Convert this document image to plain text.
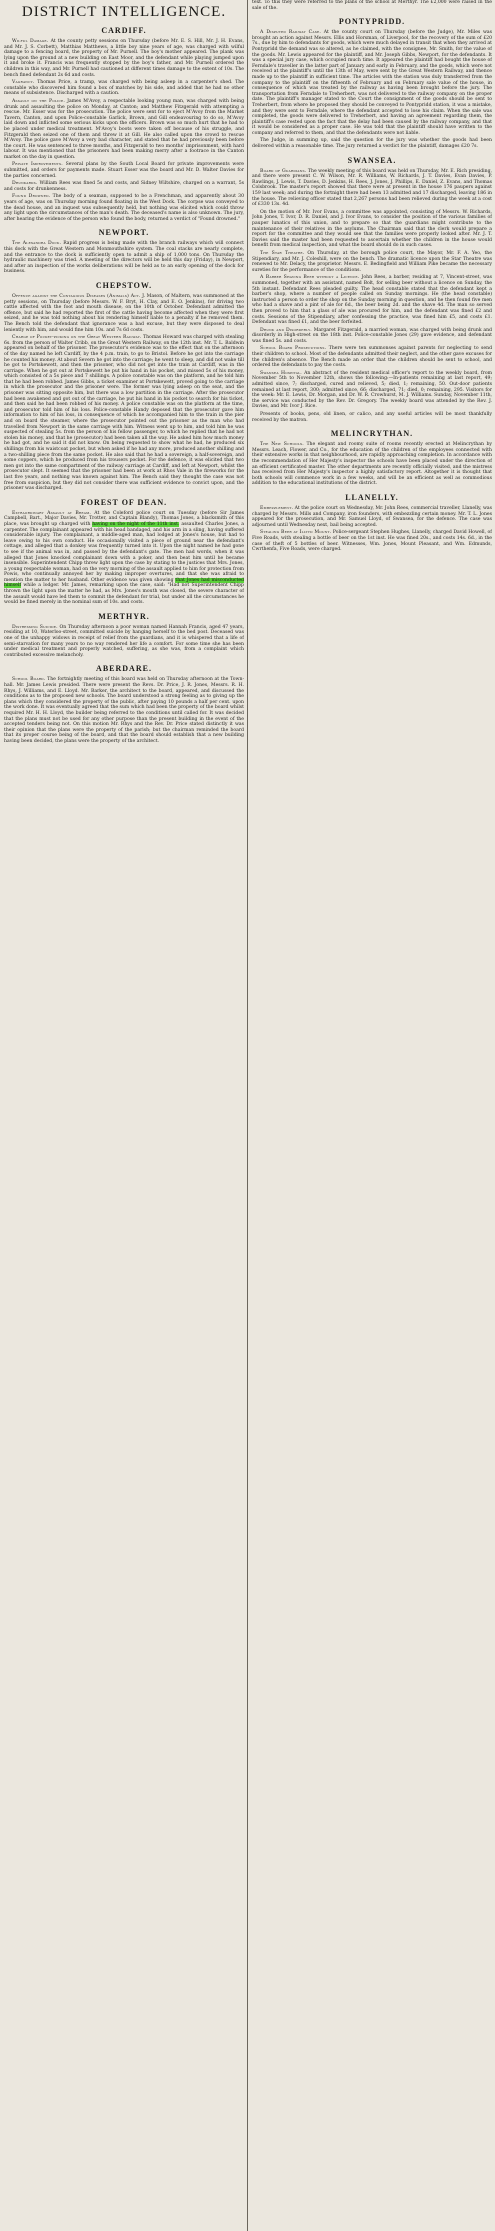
DISTRICT INTELLIGENCE.
CARDIFF.

Wilful Damage. At the county petty sessions on Thursday (before Mr. E. S. Hill, Mr. J. H. Evans, and Mr. J. S. Corbett), Matthias Matthews, a little boy nine years of age, was charged with wilful damage to a fencing board, the property of Mr. Purnell. The boy's mother appeared. The plank was lying upon the ground at a new building on East Moor, and the defendant while playing jumped upon it and broke it. Francis was frequently stopped by the boy's father, and Mr. Purnell ordered the children in this way, and Mr. Purnell had cautioned at different times damage to the extent of 10s. The bench fined defendant 2s 6d and costs.

Vagrancy. Thomas Price, a tramp, was charged with being asleep in a carpenter's shed. The constable who discovered him found a box of matches by his side, and added that he had no other means of subsistence. Discharged with a caution.

Assault on the Police. James M'Avoy, a respectable looking young man, was charged with being drunk and assaulting the police on Monday, at Canton; and Matthew Fitzgerald with attempting a rescue. Mr. Esser was for the prosecution. The police were sent for to eject M'Avoy from the Market Tavern, Canton, and upon Police-constable Garlick, Brown, and Gill endeavouring to do so, M'Avoy laid down and inflicted some serious kicks upon the officers. Brown was so much hurt that he had to be placed under medical treatment. M'Avoy's boots were taken off because of his struggle, and Fitzgerald then seized one of them and threw it at Gill. He also called upon the crowd to rescue M'Avoy. The police gave M'Avoy a very bad character, and stated that he had previously been before the court. He was sentenced to three months, and Fitzgerald to two months' imprisonment, with hard labour. It was mentioned that the prisoners had been making merry after a footrace in the Canton market on the day in question.

Private Improvements. Several plans by the South Local Board for private improvements were submitted, and orders for payments made. Stuart Esser was the board and Mr. D. Walter Davies for the parties concerned.

Drunkards. William Rees was fined 5s and costs, and Sidney Wiltshire, charged on a warrant, 5s and costs for drunkenness.

Found Drowned. The body of a seaman, supposed to be a Frenchman, and apparently about 30 years of age, was on Thursday morning found floating in the West Dock. The corpse was conveyed to the dead house, and an inquest was subsequently held, but nothing was elicited which could throw any light upon the circumstances of the man's death. The deceased's name is also unknown. The jury, after hearing the evidence of the person who found the body, returned a verdict of "Found drowned."

NEWPORT.

The Alexandra Dock. Rapid progress is being made with the branch railways which will connect this dock with the Great Western and Monmouthshire system. The coal stacks are nearly complete, and the entrance to the dock is sufficiently open to admit a ship of 1,000 tons. On Thursday the hydraulic machinery was tried. A meeting of the directors will be held this day (Friday), in Newport, and after an inspection of the works deliberations will be held as to an early opening of the dock for business.

CHEPSTOW.

Offence against the Contagious Diseases (Animals) Act. J. Mason, of Maltern, was summoned at the petty sessions, on Thursday (before Messrs. W. F. Bryt, H. Clay, and E. O. Jenkins), for driving two cattle affected with the foot and mouth disease, on the 10th of October. Defendant admitted the offence, but said he had reported the first of the cattle having become affected when they were first seized, and he was told nothing about his rendering himself liable to a penalty if he removed them. The Bench told the defendant that ignorance was a bad excuse, but they were disposed to deal leniently with him, and would fine him 10s. and 7s 6d costs.

Charge of Pocket-picking on the Great Western Railway. Thomas Howard was charged with stealing 6s. from the person of Walter Cribb, on the Great Western Railway, on the 12th inst. Mr. T. L. Baldwin appeared on behalf of the prisoner. The prosecutor's evidence was to the effect that on the afternoon of the day named he left Cardiff, by the 4 p.m. train, to go to Bristol. Before he got into the carriage he counted his money. At about Severn he got into the carriage; he went to sleep, and did not wake till he got to Portskewett, and then the prisoner, who did not get into the train at Cardiff, was in the carriage. When he got out at Portskewett he put his hand in his pocket, and missed 5s of his money, which consisted of a 5s piece and 7 shillings. A police constable was on the platform, and he told him that he had been robbed. James Gibbs, a ticket examiner at Portskewett, proved going to the carriage in which the prosecutor and the prisoner were. The former was lying asleep on the seat, and the prisoner was sitting opposite him, but there was a low partition in the carriage. After the prosecutor had been awakened and got out of the carriage, he put his hand in his pocket to search for his ticket, and then said he had been robbed of his money. A police constable was on the platform at the time, and prosecutor told him of his loss. Police-constable Handy deposed that the prosecutor gave him information to him of his loss, in consequence of which he accompanied him to the train in the pier and on board the steamer, where the prosecutor pointed out the prisoner as the man who had travelled from Newport in the same carriage with him. Witness went up to him, and told him he was suspected of stealing 5s. from the person of his fellow passenger, to which he replied that he had not stolen his money, and that he (prosecutor) had been taken all the way. He asked him how much money he had got, and he said it did not know. On being requested to show what he had, he produced six shillings from his waistcoat pocket, but when asked if he had any more, produced another shilling and a two-shilling piece from the same pocket. He also said that he had a sovereign, a half-sovereign, and some coppers, which he produced from his trousers pocket. For the defence, it was elicited that two men got into the same compartment of the railway carriage at Cardiff, and left at Newport, whilst the prosecutor slept. It seemed that the prisoner had been at work at Rhos Vale in the fireworks for the last five years, and nothing was known against him. The Bench said they thought the case was not free from suspicion, but they did not consider there was sufficient evidence to convict upon, and the prisoner was discharged.

FOREST OF DEAN.

Extraordinary Assault at Bream. At the Coleford police court on Tuesday (before Sir James Campbell, Bart., Major Davies, Mr. Trotter, and Captain Blandy), Thomas Jones, a blacksmith of this place, was brought up charged with having on the night of the 11th inst. assaulted Charles Jones, a carpenter. The complainant appeared with his head bandaged, and his arm in a sling, having suffered considerable injury. The complainant, a middle-aged man, had lodged at Jones's house, but had to leave owing to his own conduct. He occasionally visited a piece of ground near the defendant's cottage, and alleged that a donkey was frequently turned into it. Upon the night named he had gone to see if the animal was in, and passed by the defendant's gate. The men had words, when it was alleged that Jones knocked complainant down with a poker, and then beat him until he became insensible. Superintendent Chipp threw light upon the case by stating to the justices that Mrs. Jones, a young respectable woman, had on the very morning of the assault applied to him for protection from Powis, who continually annoyed her by making improper overtures, and that she was afraid to mention the matter to her husband. Other evidence was given showing that Jones had misconducted himself while a lodger. Mr. James, remarking upon the case, said: "Had not Superintendent Chipp thrown the light upon the matter he had, as Mrs. Jones's mouth was closed, the severe character of the assault would have led them to commit the defendant for trial, but under all the circumstances he would be fined merely in the nominal sum of 10s. and costs.

MERTHYR.

Distressing Suicide. On Thursday afternoon a poor woman named Hannah Francis, aged 47 years, residing at 10, Waterloo-street, committed suicide by hanging herself to the bed post. Deceased was one of the unhappy widows in receipt of relief from the guardians, and it is whispered that a life of semi-starvation for many years to no way rendered her life a comfort. For some time she has been under medical treatment and properly watched, suffering, as she was, from a complaint which contributed excessive melancholy.

ABERDARE.

School Board. The fortnightly meeting of this board was held on Thursday afternoon at the Town-hall. Mr. James Lewis presided. There were present the Revs. Dr. Price, J. R. Jones, Messrs. R. H. Rhys, J. Williams, and E. Lloyd. Mr. Barker, the architect to the board, appeared, and discussed the conditions as to the proposed new schools. The board understood a strong feeling as to giving up the plans which they considered the property of the public, after paying 10 pounds a half per cent. upon the work done. It was eventually agreed that the sum which had been the property of the board whilst required Mr. H. H. Lloyd, the builder being referred to the conditions until called for. It was decided that the plans must not be used for any other purpose than the present building in the event of the accepted tenders being not. On this motion Mr. Rhys and the Rev. Dr. Price stated distinctly it was their opinion that the plans were the property of the parish; but the chairman reminded the board that its proper course being of the board, and that the board should establish that a new building having been decided, the plans were the property of the architect.

text. To this they were referred to the plans of the school at Merthyr. The £2,000 were raised in the sale of the.

PONTYPRIDD.

A Disputed Railway Case. At the county court on Thursday (before the Judge), Mr. Miles was brought an action against Messrs. Ellis and Horsman, of Liverpool, for the recovery of the sum of £20 7s., due by him to defendants for goods, which were much delayed in transit that when they arrived at Pontypridd the demand was so altered, as he claimed, with the consignee, Mr. Smith, for the value of the goods. Mr. Lewis appeared for the plaintiff, and Mr. Joseph Gibbs, Newport, for the defendants. It was a special jury case, which occupied much time. It appeared the plaintiff had bought the house of Ferndale's traveller in the latter part of January and early in February, and the goods, which were not received at the plaintiff's until the 13th of May, were sent by the Great Western Railway, and thence made up to the plaintiff in sufficient time. The articles with the station was duly transferred from the company to the plaintiff on the fifteenth of February and on February sale value of the house, in consequence of which was treated by the railway as having been brought before the jury. The transportation from Ferndale to Treherbert, was not delivered to the railway company on the proper date. The plaintiff's manager stated to the Court the consignment of the goods should be sent to Treherbert, from where he proposed they should be conveyed to Pontypridd station, it was a mistake, and they were sent to Ferndale, where the defendant accepted to lose his claim. When the sale was completed, the goods were delivered to Treherbert, and having an agreement regarding them, the plaintiff's case rested upon the fact that the delay had been caused by the railway company, and that it would be considered as a proper case. He was told that the plaintiff should have written to the company and referred to them, and that the defendants were not liable.

The Judge, in summing up, said the question for the jury was whether the goods had been delivered within a reasonable time. The jury returned a verdict for the plaintiff, damages £20 7s.

SWANSEA.

Board of Guardians. The weekly meeting of this board was held on Thursday, Mr. E. Rich presiding, and there were present C. W. Wilson, Mr. R. Williams, W. Richards, J. T. Davies, Evan Davies, P. Rawlings, J. Lewis, T. Davies, D. Jenkins, H. Rees, J. Jones, J. Phillips, E. Daniel, Z. Evans, and Thomas Colsbrook. The master's report showed that there were at present in the house 176 paupers against 159 last week; and during the fortnight there had been 13 admitted and 17 discharged, leaving 186 in the house. The relieving officer stated that 2,267 persons had been relieved during the week at a cost of £330 13s. 4d.

On the motion of Mr. Ivor Evans, a committee was appointed, consisting of Messrs. W. Richards, John Jones, T. Ivor, D. R. Daniel, and J. Ivor Evans, to consider the position of the various families of pauper lunatics of this union, and to prepare so that the guardians might contribute to the maintenance of their relatives in the asylums. The Chairman said that the clerk would prepare a report for the committee and they would see that the families were properly looked after. Mr. J. T. Davies said the master had been requested to ascertain whether the children in the house would benefit from medical inspection, and what the board should do in such cases.

The Star Theatre. On Thursday, at the borough police court, the Mayor, Mr. F. A. Yeo, the Stipendiary, and Mr. J. Coleshill, were on the bench. The dramatic licence upon the Star Theatre was renewed to Mr. Delacy, the proprietor. Messrs. E. Bedingfield and William Pike became the necessary sureties for the performance of the conditions.

A Barber Shaving Beer without a Licence. John Rees, a barber, residing at 7, Vincent-street, was summoned, together with an assistant, named Bolt, for selling beer without a licence on Sunday, the 5th instant. Defendant Rees pleaded guilty. The head constable stated that the defendant kept a barber's shop, where a number of people called on Sunday mornings. He (the head constable) instructed a person to order the shop on the Sunday morning in question, and he then found five men who had a shave and a pint of ale for 6d., the beer being 2d. and the shave 4d. The man so served then proved to him that a glass of ale was procured for him, and the defendant was fined £2 and costs. Sessions of the Stipendiary, after confessing the practice, was fined him £5, and costs £1. Defendant was fined £1, and the beer forfeited.

Drunk and Disorderly. Margaret Fitzgerald, a married woman, was charged with being drunk and disorderly in High-street on the 18th inst. Police-constable Jones (29) gave evidence, and defendant was fined 5s. and costs.

School Board Prosecutions. There were ten summonses against parents for neglecting to send their children to school. Most of the defendants admitted their neglect, and the other gave excuses for the children's absence. The Bench made an order that the children should be sent to school, and ordered the defendants to pay the costs.

Swansea Hospital. An abstract of the resident medical officer's report to the weekly board, from November 5th to November 12th, shows the following:—In-patients remaining at last report, 49; admitted since, 7; discharged, cured and relieved, 5; died, 1; remaining, 50. Out-door patients remained at last report, 300; admitted since, 66; discharged, 71; died, 0; remaining, 295. Visitors for the week: Mr. E. Lewis, Dr. Morgan, and Dr. W. R. Crowhurst, M. J. Williams. Sunday, November 11th, the service was conducted by the Rev. Dr. Gregory. The weekly board was attended by the Rev. J. Davies, and Mr. Ivor J. Rice.

Presents of books, pens, old linen, or calico, and any useful articles will be most thankfully received by the matron.

MELINCRYTHAN.

The New Schools. The elegant and roomy suite of rooms recently erected at Melincrythan by Messrs. Leach, Flower, and Co., for the education of the children of the employees connected with their extensive works in that neighbourhood, are rapidly approaching completion. In accordance with the recommendation of Her Majesty's inspector the schools have been placed under the direction of an efficient certificated master. The other departments are recently officially visited, and the mistress has received from Her Majesty's inspector a highly satisfactory report. Altogether it is thought that both schools will commence work in a few weeks, and will be an efficient as well as commodious addition to the educational institutions of the district.

LLANELLY.

Embezzlement. At the police court on Wednesday, Mr. John Rees, commercial traveller, Llanelly, was charged by Messrs. Mills and Company, iron founders, with embezzling certain money. Mr. T. L. Jones appeared for the prosecution, and Mr. Samuel Lloyd, of Swansea, for the defence. The case was adjourned until Wednesday next, bail being accepted.

Stealing Beer at Illtyd Mount. Police-sergeant Stephen Hughes, Llanelly, charged David Howell, of Five Roads, with stealing a bottle of beer on the 1st inst. He was fined 20s., and costs 14s. 6d., in the case of theft of 5 bottles of beer. Witnesses, Wm. Jones, Mount Pleasant, and Wm. Edmunds, Cwrthenfa, Five Roads, were charged.
